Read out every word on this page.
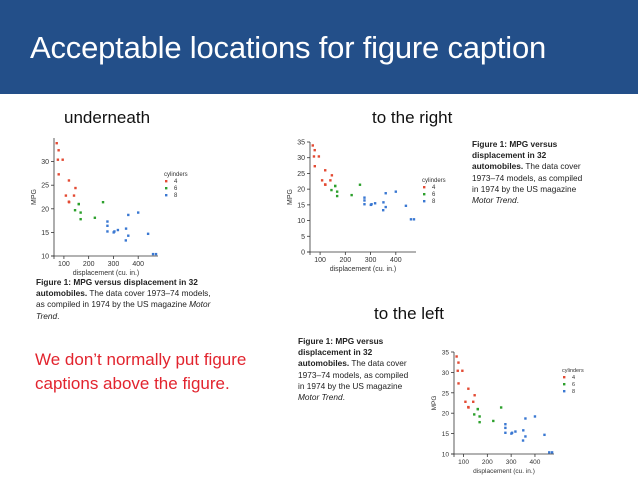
Acceptable locations for figure caption
underneath	to the right
to the left
10
15
20
25
30
100 200 300 400
displacement (cu. in.)
MPG
cylinders
4
6
8
0
5
10
15
20
25
30
35
100 200 300 400
displacement (cu. in.)
MPG
cylinders
4
6
8
10
15
20
25
30
35
100 200 300 400
displacement (cu. in.)
MPG
cylinders
4
6
8
Figure 1: MPG versus displacement in 32 automobiles. The data cover 1973–74 models, as compiled in 1974 by the US magazine Motor Trend.
Figure 1: MPG versus displacement in 32 automobiles. The data cover 1973–74 models, as compiled in 1974 by the US magazine Motor Trend.
Figure 1: MPG versus displacement in 32 automobiles. The data cover 1973–74 models, as compiled in 1974 by the US magazine Motor Trend.
We don’t normally put figure captions above the figure.
